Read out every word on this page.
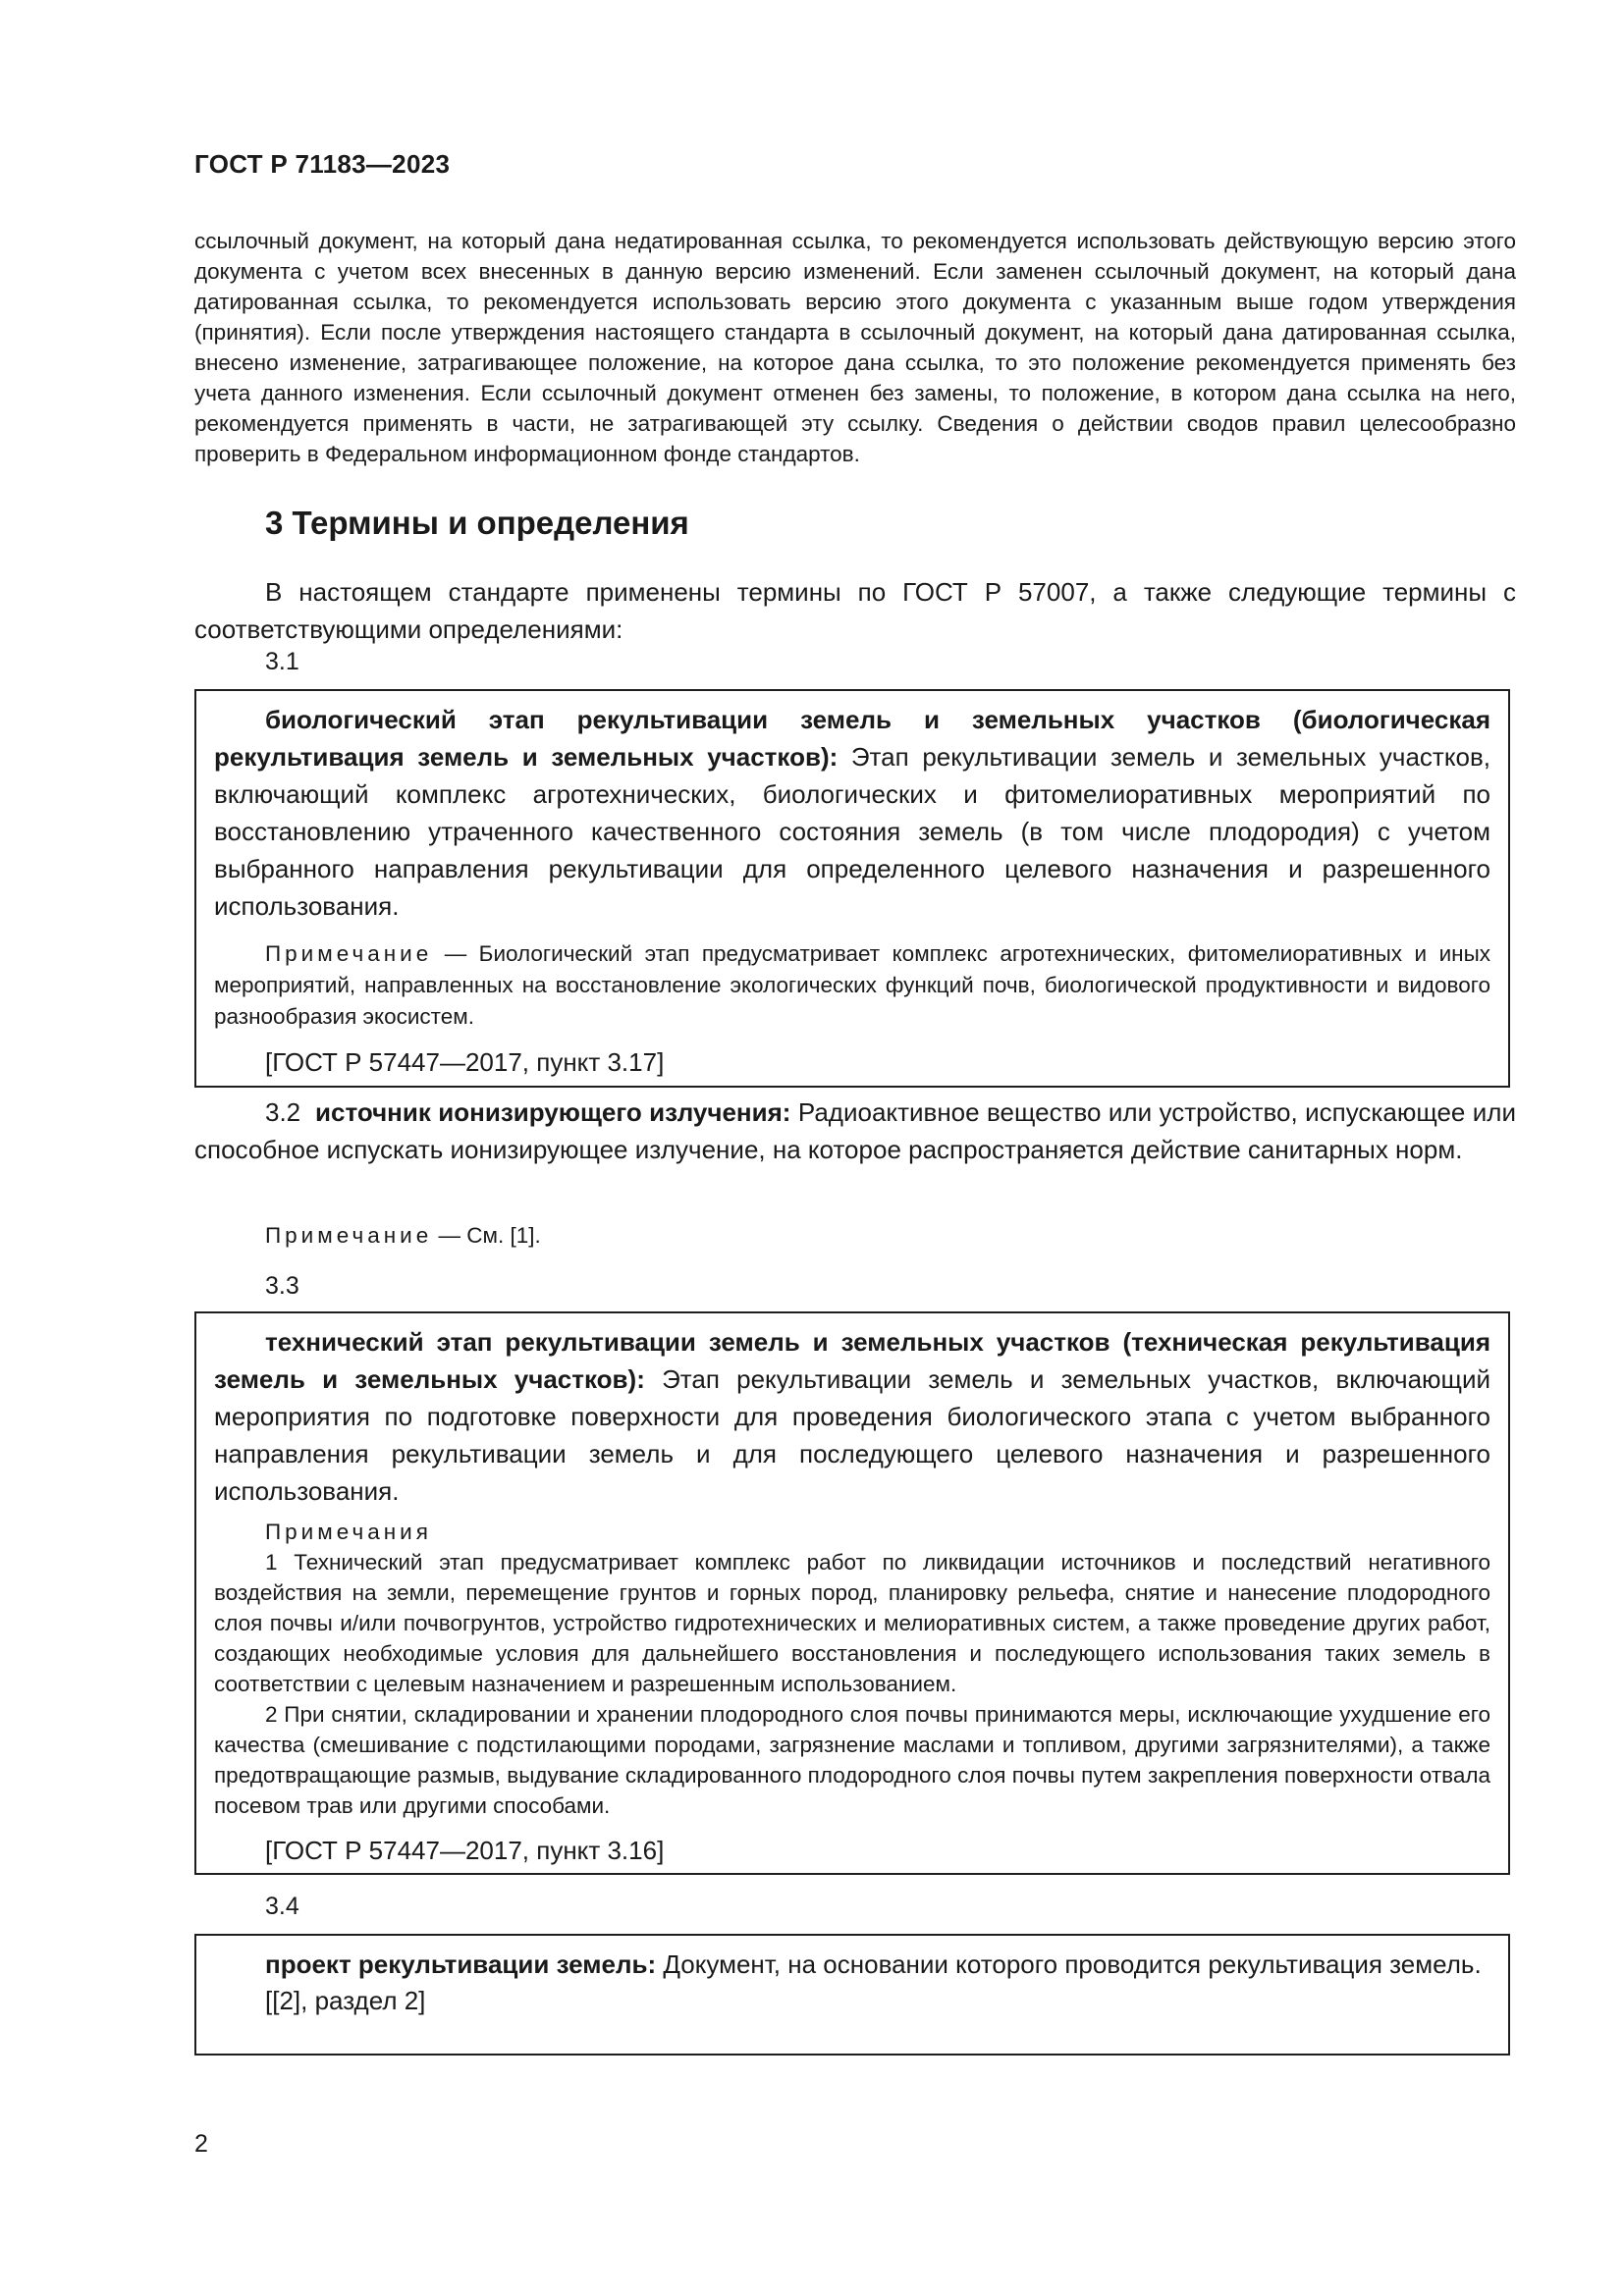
ГОСТ Р 71183—2023
ссылочный документ, на который дана недатированная ссылка, то рекомендуется использовать действующую версию этого документа с учетом всех внесенных в данную версию изменений. Если заменен ссылочный документ, на который дана датированная ссылка, то рекомендуется использовать версию этого документа с указанным выше годом утверждения (принятия). Если после утверждения настоящего стандарта в ссылочный документ, на который дана датированная ссылка, внесено изменение, затрагивающее положение, на которое дана ссылка, то это положение рекомендуется применять без учета данного изменения. Если ссылочный документ отменен без замены, то положение, в котором дана ссылка на него, рекомендуется применять в части, не затрагивающей эту ссылку. Сведения о действии сводов правил целесообразно проверить в Федеральном информационном фонде стандартов.
3 Термины и определения
В настоящем стандарте применены термины по ГОСТ Р 57007, а также следующие термины с соответствующими определениями:
3.1

биологический этап рекультивации земель и земельных участков (биологическая рекультивация земель и земельных участков): Этап рекультивации земель и земельных участков, включающий комплекс агротехнических, биологических и фитомелиоративных мероприятий по восстановлению утраченного качественного состояния земель (в том числе плодородия) с учетом выбранного направления рекультивации для определенного целевого назначения и разрешенного использования.

Примечание — Биологический этап предусматривает комплекс агротехнических, фитомелиоративных и иных мероприятий, направленных на восстановление экологических функций почв, биологической продуктивности и видового разнообразия экосистем.

[ГОСТ Р 57447—2017, пункт 3.17]
3.2 источник ионизирующего излучения: Радиоактивное вещество или устройство, испускающее или способное испускать ионизирующее излучение, на которое распространяется действие санитарных норм.
Примечание — См. [1].
3.3

технический этап рекультивации земель и земельных участков (техническая рекультивация земель и земельных участков): Этап рекультивации земель и земельных участков, включающий мероприятия по подготовке поверхности для проведения биологического этапа с учетом выбранного направления рекультивации земель и для последующего целевого назначения и разрешенного использования.

Примечания

1 Технический этап предусматривает комплекс работ по ликвидации источников и последствий негативного воздействия на земли, перемещение грунтов и горных пород, планировку рельефа, снятие и нанесение плодородного слоя почвы и/или почвогрунтов, устройство гидротехнических и мелиоративных систем, а также проведение других работ, создающих необходимые условия для дальнейшего восстановления и последующего использования таких земель в соответствии с целевым назначением и разрешенным использованием.

2 При снятии, складировании и хранении плодородного слоя почвы принимаются меры, исключающие ухудшение его качества (смешивание с подстилающими породами, загрязнение маслами и топливом, другими загрязнителями), а также предотвращающие размыв, выдувание складированного плодородного слоя почвы путем закрепления поверхности отвала посевом трав или другими способами.

[ГОСТ Р 57447—2017, пункт 3.16]
3.4

проект рекультивации земель: Документ, на основании которого проводится рекультивация земель.

[[2], раздел 2]
2
